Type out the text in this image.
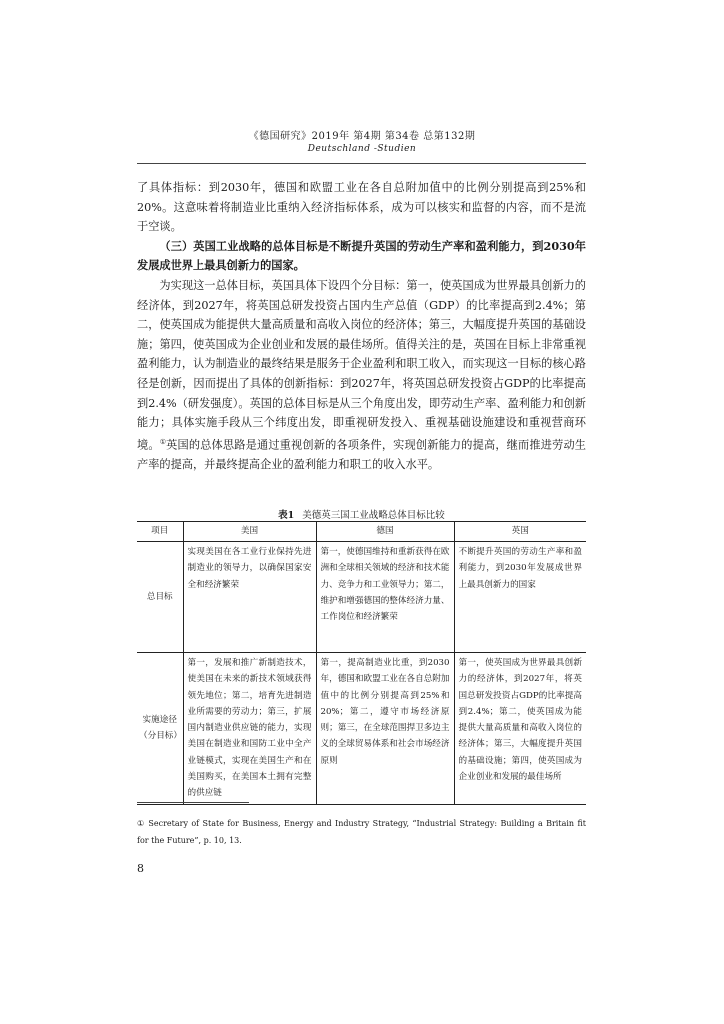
《德国研究》2019年 第4期 第34卷 总第132期
Deutschland -Studien

了具体指标：到2030年，德国和欧盟工业在各自总附加值中的比例分别提高到25%和20%。这意味着将制造业比重纳入经济指标体系，成为可以核实和监督的内容，而不是流于空谈。

（三）英国工业战略的总体目标是不断提升英国的劳动生产率和盈利能力，到2030年发展成世界上最具创新力的国家。

为实现这一总体目标，英国具体下设四个分目标：第一，使英国成为世界最具创新力的经济体，到2027年，将英国总研发投资占国内生产总值（GDP）的比率提高到2.4%；第二，使英国成为能提供大量高质量和高收入岗位的经济体；第三，大幅度提升英国的基础设施；第四，使英国成为企业创业和发展的最佳场所。值得关注的是，英国在目标上非常重视盈利能力，认为制造业的最终结果是服务于企业盈利和职工收入，而实现这一目标的核心路径是创新，因而提出了具体的创新指标：到2027年，将英国总研发投资占GDP的比率提高到2.4%（研发强度）。英国的总体目标是从三个角度出发，即劳动生产率、盈利能力和创新能力；具体实施手段从三个纬度出发，即重视研发投入、重视基础设施建设和重视营商环境。①英国的总体思路是通过重视创新的各项条件，实现创新能力的提高，继而推进劳动生产率的提高，并最终提高企业的盈利能力和职工的收入水平。

表1 美德英三国工业战略总体目标比较
项目	美国	德国	英国
总目标	实现美国在各工业行业保持先进制造业的领导力，以确保国家安全和经济繁荣	第一，使德国维持和重新获得在欧洲和全球相关领域的经济和技术能力、竞争力和工业领导力；第二，维护和增强德国的整体经济力量、工作岗位和经济繁荣	不断提升英国的劳动生产率和盈利能力，到2030年发展成世界上最具创新力的国家
实施途径（分目标）	第一，发展和推广新制造技术，使美国在未来的新技术领域获得领先地位；第二，培育先进制造业所需要的劳动力；第三，扩展国内制造业供应链的能力，实现美国在制造业和国防工业中全产业链模式，实现在美国生产和在美国购买，在美国本土拥有完整的供应链	第一，提高制造业比重，到2030年，德国和欧盟工业在各自总附加值中的比例分别提高到25%和20%；第二，遵守市场经济原则；第三，在全球范围捍卫多边主义的全球贸易体系和社会市场经济原则	第一，使英国成为世界最具创新力的经济体，到2027年，将英国总研发投资占GDP的比率提高到2.4%；第二，使英国成为能提供大量高质量和高收入岗位的经济体；第三，大幅度提升英国的基础设施；第四，使英国成为企业创业和发展的最佳场所
① Secretary of State for Business, Energy and Industry Strategy, “Industrial Strategy: Building a Britain fit for the Future”, p. 10, 13.
8
